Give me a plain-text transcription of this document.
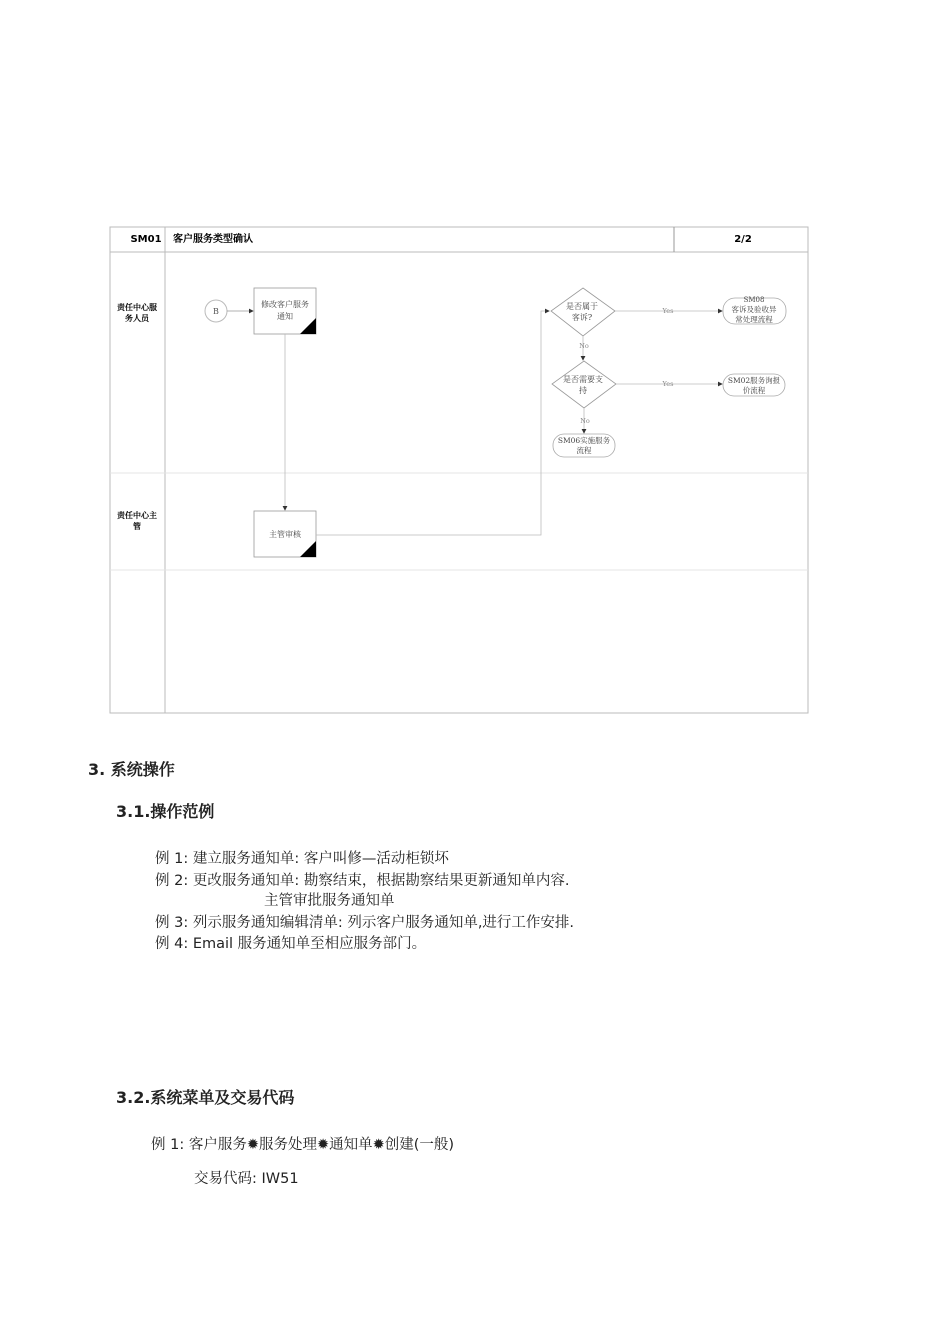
SM01 客户服务类型确认	2/2
责任中心服
务人员
责任中心主
管
B
修改客户服务
通知
主管审核
是否属于
客诉?
Yes
No
SM08
客诉及验收异
常处理流程
是否需要支
持
Yes
No
SM02服务询报
价流程
SM06实施服务
流程
3. 系统操作
3.1.操作范例
例 1: 建立服务通知单: 客户叫修—活动柜锁坏
例 2: 更改服务通知单: 勘察结束，根据勘察结果更新通知单内容.
主管审批服务通知单
例 3: 列示服务通知编辑清单: 列示客户服务通知单,进行工作安排.
例 4: Email 服务通知单至相应服务部门。
3.2.系统菜单及交易代码
例 1: 客户服务✹服务处理✹通知单✹创建(一般)
交易代码: IW51
